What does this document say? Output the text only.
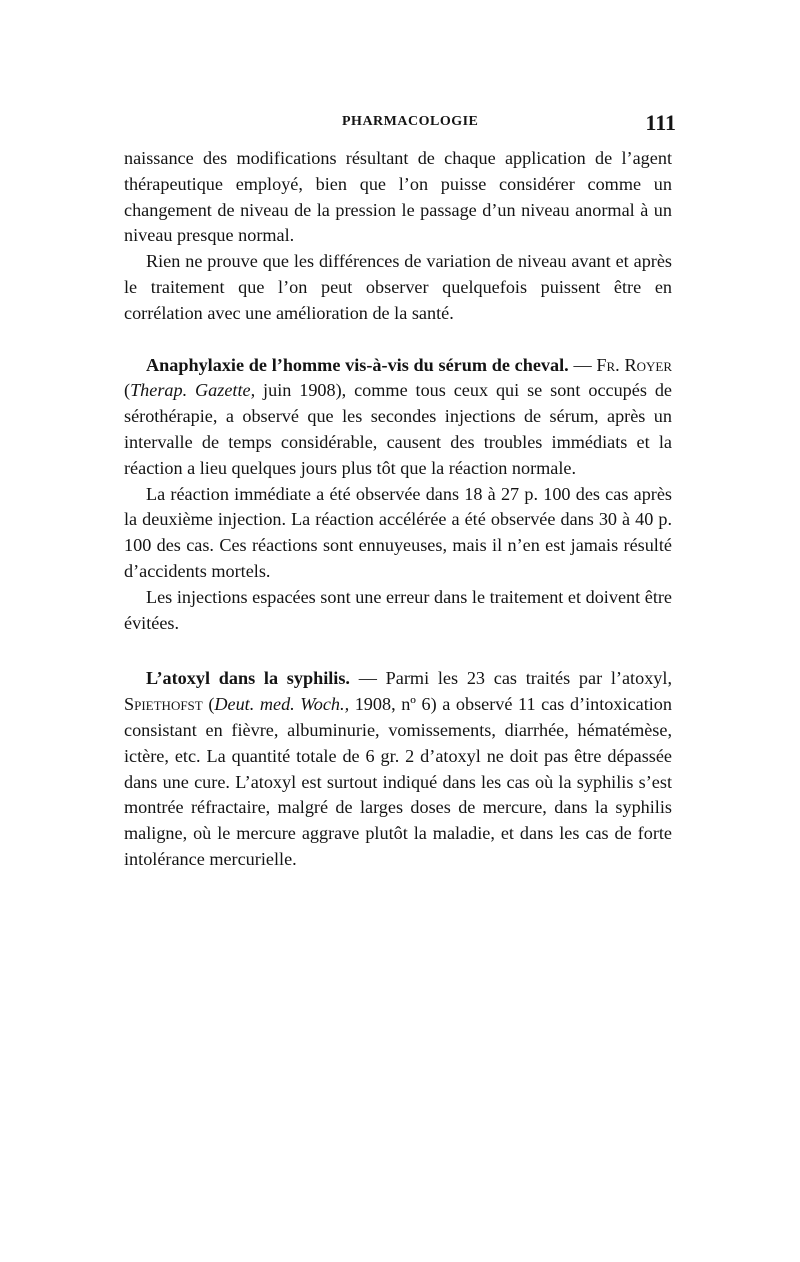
PHARMACOLOGIE	111

naissance des modifications résultant de chaque application de l’agent thérapeutique employé, bien que l’on puisse considérer comme un changement de niveau de la pression le passage d’un niveau anormal à un niveau presque normal.

Rien ne prouve que les différences de variation de niveau avant et après le traitement que l’on peut observer quelquefois puissent être en corrélation avec une amélioration de la santé.

Anaphylaxie de l’homme vis-à-vis du sérum de cheval. — Fr. Royer (Therap. Gazette, juin 1908), comme tous ceux qui se sont occupés de sérothérapie, a observé que les secondes injections de sérum, après un intervalle de temps considérable, causent des troubles immédiats et la réaction a lieu quelques jours plus tôt que la réaction normale.

La réaction immédiate a été observée dans 18 à 27 p. 100 des cas après la deuxième injection. La réaction accélérée a été observée dans 30 à 40 p. 100 des cas. Ces réactions sont ennuyeuses, mais il n’en est jamais résulté d’accidents mortels.

Les injections espacées sont une erreur dans le traitement et doivent être évitées.

L’atoxyl dans la syphilis. — Parmi les 23 cas traités par l’atoxyl, Spiethofst (Deut. med. Woch., 1908, nº 6) a observé 11 cas d’intoxication consistant en fièvre, albuminurie, vomissements, diarrhée, hématémèse, ictère, etc. La quantité totale de 6 gr. 2 d’atoxyl ne doit pas être dépassée dans une cure. L’atoxyl est surtout indiqué dans les cas où la syphilis s’est montrée réfractaire, malgré de larges doses de mercure, dans la syphilis maligne, où le mercure aggrave plutôt la maladie, et dans les cas de forte intolérance mercurielle.
